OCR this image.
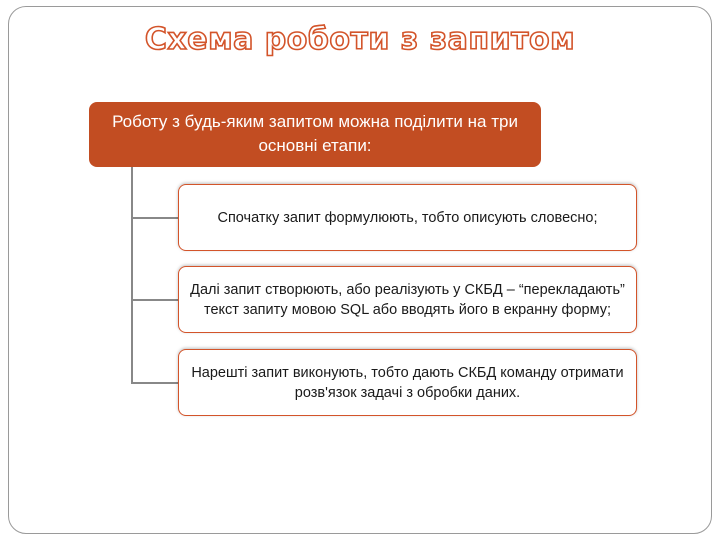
Схема роботи з запитом
Роботу з будь-яким запитом можна поділити на три основні етапи:
Спочатку запит формулюють, тобто описують словесно;
Далі запит створюють, або реалізують у СКБД – “перекладають” текст запиту мовою SQL або вводять його в екранну форму;
Нарешті запит виконують, тобто дають СКБД команду отримати розв'язок задачі з обробки даних.
